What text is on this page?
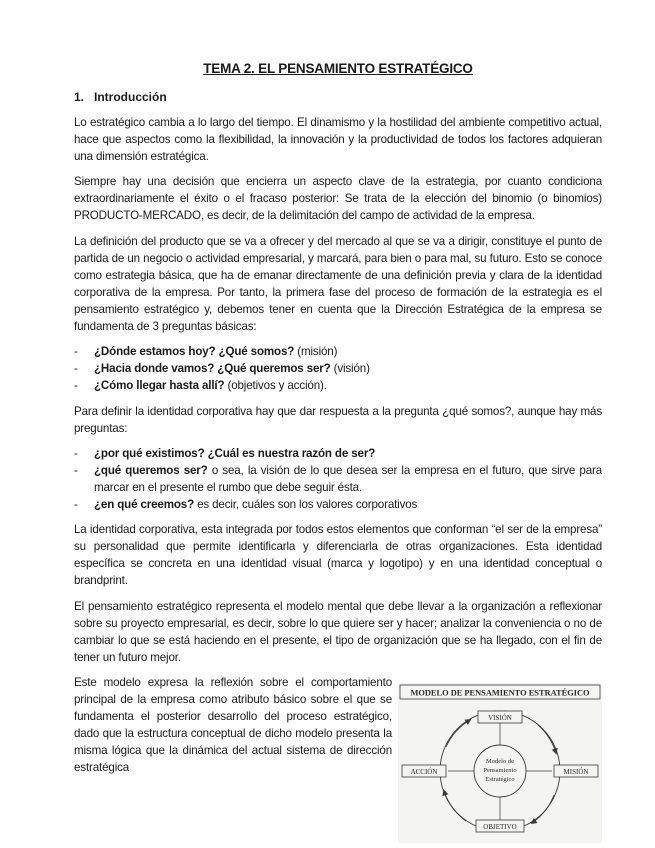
TEMA 2. EL PENSAMIENTO ESTRATÉGICO
1. Introducción
Lo estratégico cambia a lo largo del tiempo. El dinamismo y la hostilidad del ambiente competitivo actual, hace que aspectos como la flexibilidad, la innovación y la productividad de todos los factores adquieran una dimensión estratégica.
Siempre hay una decisión que encierra un aspecto clave de la estrategia, por cuanto condiciona extraordinariamente el éxito o el fracaso posterior: Se trata de la elección del binomio (o binomios) PRODUCTO-MERCADO, es decir, de la delimitación del campo de actividad de la empresa.
La definición del producto que se va a ofrecer y del mercado al que se va a dirigir, constituye el punto de partida de un negocio o actividad empresarial, y marcará, para bien o para mal, su futuro. Esto se conoce como estrategia básica, que ha de emanar directamente de una definición previa y clara de la identidad corporativa de la empresa. Por tanto, la primera fase del proceso de formación de la estrategia es el pensamiento estratégico y, debemos tener en cuenta que la Dirección Estratégica de la empresa se fundamenta de 3 preguntas básicas:
- ¿Dónde estamos hoy? ¿Qué somos? (misión)
- ¿Hacia donde vamos? ¿Qué queremos ser? (visión)
- ¿Cómo llegar hasta allí? (objetivos y acción).
Para definir la identidad corporativa hay que dar respuesta a la pregunta ¿qué somos?, aunque hay más preguntas:
- ¿por qué existimos? ¿Cuál es nuestra razón de ser?
- ¿qué queremos ser? o sea, la visión de lo que desea ser la empresa en el futuro, que sirve para marcar en el presente el rumbo que debe seguir ésta.
- ¿en qué creemos? es decir, cuáles son los valores corporativos
La identidad corporativa, esta integrada por todos estos elementos que conforman “el ser de la empresa” su personalidad que permite identificarla y diferenciarla de otras organizaciones. Esta identidad específica se concreta en una identidad visual (marca y logotipo) y en una identidad conceptual o brandprint.
El pensamiento estratégico representa el modelo mental que debe llevar a la organización a reflexionar sobre su proyecto empresarial, es decir, sobre lo que quiere ser y hacer; analizar la conveniencia o no de cambiar lo que se está haciendo en el presente, el tipo de organización que se ha llegado, con el fin de tener un futuro mejor.
Este modelo expresa la reflexión sobre el comportamiento principal de la empresa como atributo básico sobre el que se fundamenta el posterior desarrollo del proceso estratégico, dado que la estructura conceptual de dicho modelo presenta la misma lógica que la dinámica del actual sistema de dirección estratégica
MODELO DE PENSAMIENTO ESTRATÉGICO
Modelo de
Pensamiento
Estratégico
VISIÓN
ACCIÓN	MISIÓN
OBJETIVO
